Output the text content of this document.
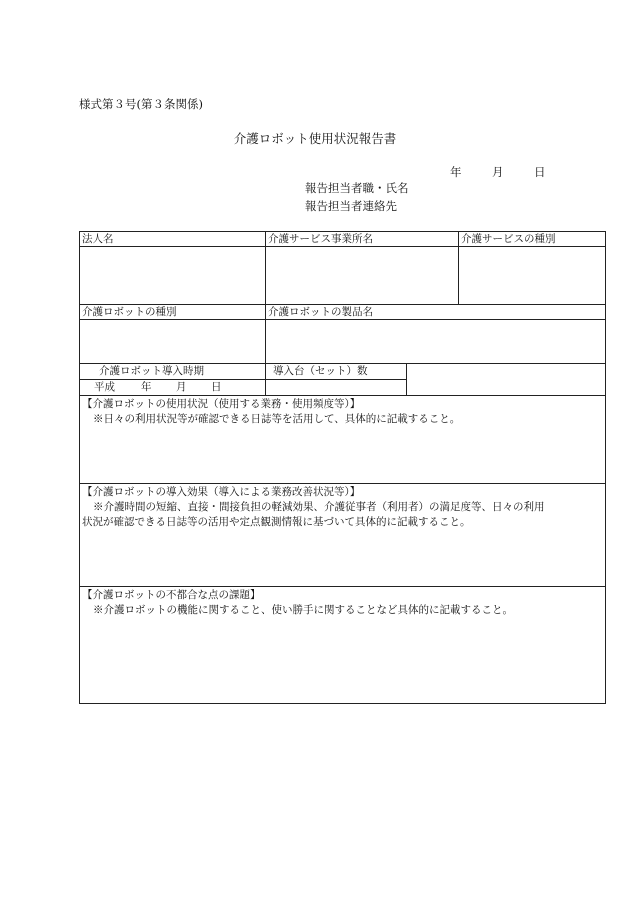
様式第３号(第３条関係)
介護ロボット使用状況報告書
年	月	日
報告担当者職・氏名
報告担当者連絡先
法人名	介護サービス事業所名	介護サービスの種別
介護ロボットの種別	介護ロボットの製品名
介護ロボット導入時期	導入台（セット）数
平成 年 月 日
【介護ロボットの使用状況（使用する業務・使用頻度等）】
※日々の利用状況等が確認できる日誌等を活用して、具体的に記載すること。
【介護ロボットの導入効果（導入による業務改善状況等）】
※介護時間の短縮、直接・間接負担の軽減効果、介護従事者（利用者）の満足度等、日々の利用
状況が確認できる日誌等の活用や定点観測情報に基づいて具体的に記載すること。
【介護ロボットの不都合な点の課題】
※介護ロボットの機能に関すること、使い勝手に関することなど具体的に記載すること。
